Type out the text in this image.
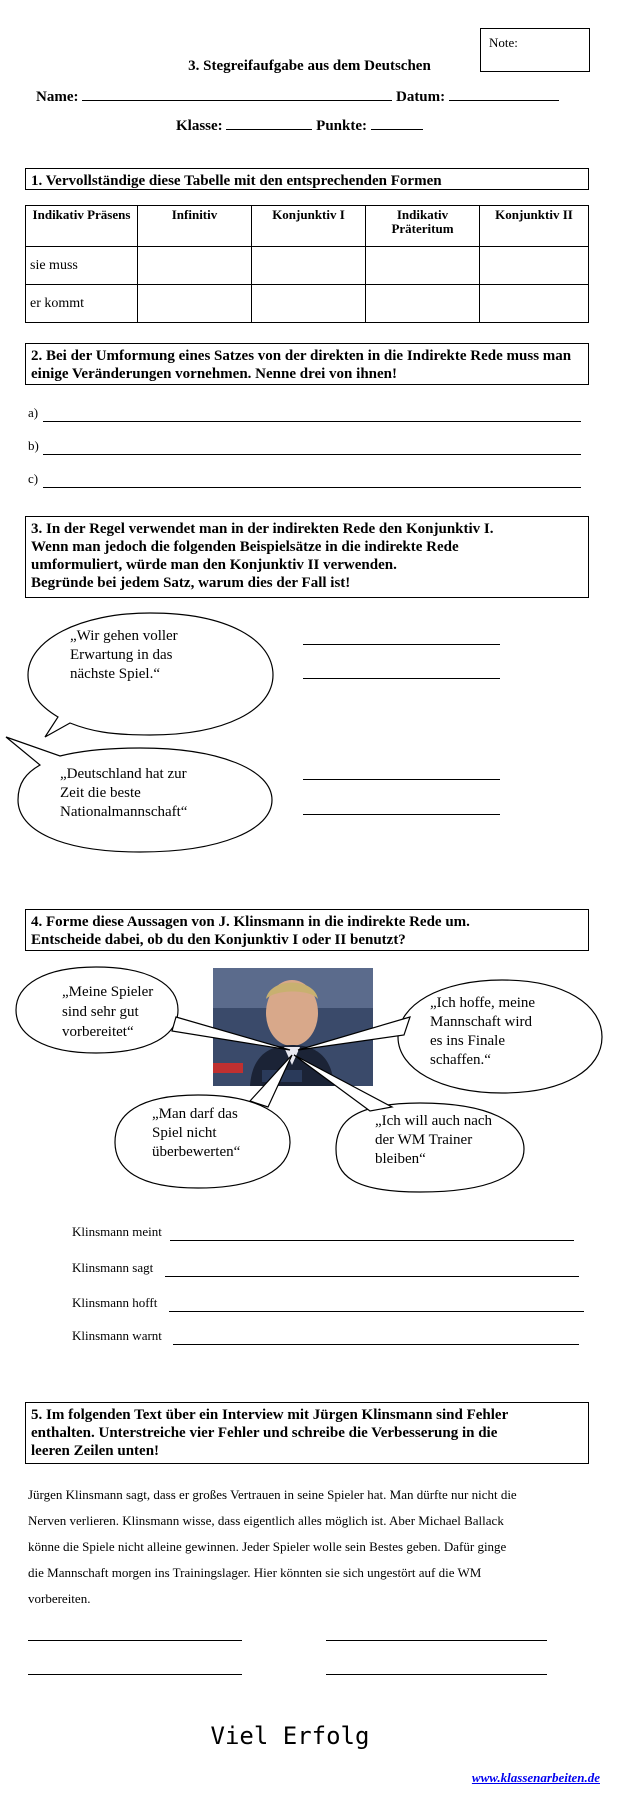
Note:
3. Stegreifaufgabe aus dem Deutschen
Name:	Datum:
Klasse:	Punkte:
1. Vervollständige diese Tabelle mit den entsprechenden Formen
Indikativ Präsens	Infinitiv	Konjunktiv I	Indikativ Präteritum	Konjunktiv II
sie muss				
er kommt				
2. Bei der Umformung eines Satzes von der direkten in die Indirekte Rede muss man einige Veränderungen vornehmen. Nenne drei von ihnen!
a)
b)
c)
3. In der Regel verwendet man in der indirekten Rede den Konjunktiv I.
Wenn man jedoch die folgenden Beispielsätze in die indirekte Rede
umformuliert, würde man den Konjunktiv II verwenden.
Begründe bei jedem Satz, warum dies der Fall ist!
„Wir gehen voller
Erwartung in das
nächste Spiel.“
„Deutschland hat zur
Zeit die beste
Nationalmannschaft“
4. Forme diese Aussagen von J. Klinsmann in die indirekte Rede um.
Entscheide dabei, ob du den Konjunktiv I oder II benutzt?
„Meine Spieler
sind sehr gut
vorbereitet“
„Ich hoffe, meine
Mannschaft wird
es ins Finale
schaffen.“
„Man darf das
Spiel nicht
überbewerten“
„Ich will auch nach
der WM Trainer
bleiben“
Klinsmann meint
Klinsmann sagt
Klinsmann hofft
Klinsmann warnt
5. Im folgenden Text über ein Interview mit Jürgen Klinsmann sind Fehler
enthalten. Unterstreiche vier Fehler und schreibe die Verbesserung in die
leeren Zeilen unten!
Jürgen Klinsmann sagt, dass er großes Vertrauen in seine Spieler hat. Man dürfte nur nicht die
Nerven verlieren. Klinsmann wisse, dass eigentlich alles möglich ist. Aber Michael Ballack
könne die Spiele nicht alleine gewinnen. Jeder Spieler wolle sein Bestes geben. Dafür ginge
die Mannschaft morgen ins Trainingslager. Hier könnten sie sich ungestört auf die WM
vorbereiten.
Viel Erfolg
www.klassenarbeiten.de
